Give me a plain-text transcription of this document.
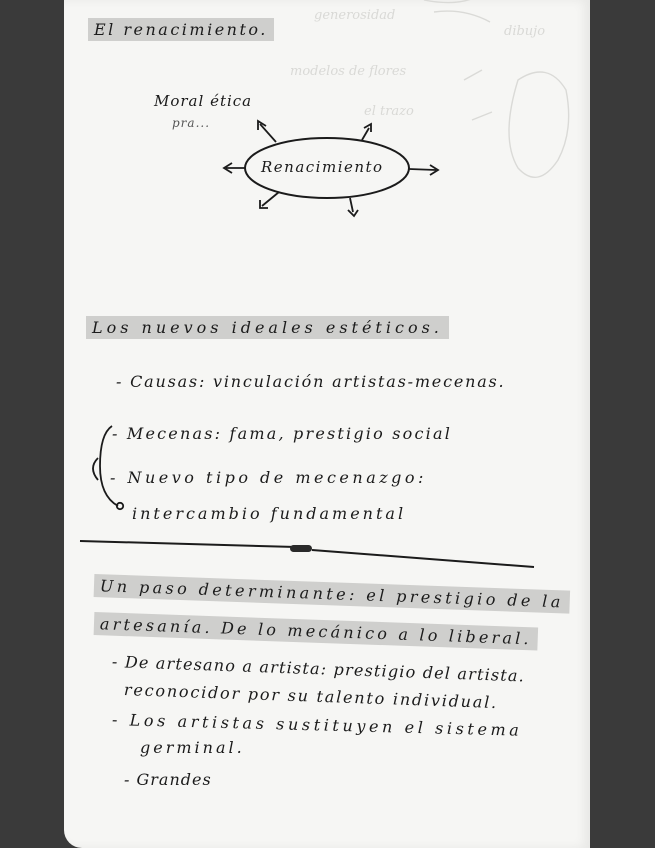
generosidad
modelos de flores
el trazo
dibujo
El renacimiento.
Moral ética
pra...
Renacimiento
Los nuevos ideales estéticos.
- Causas: vinculación artistas-mecenas.
- Mecenas: fama, prestigio social
- Nuevo tipo de mecenazgo:
intercambio fundamental
Un paso determinante: el prestigio de la
artesanía. De lo mecánico a lo liberal.
- De artesano a artista: prestigio del artista.
reconocidor por su talento individual.
- Los artistas sustituyen el sistema
germinal.
- Grandes
